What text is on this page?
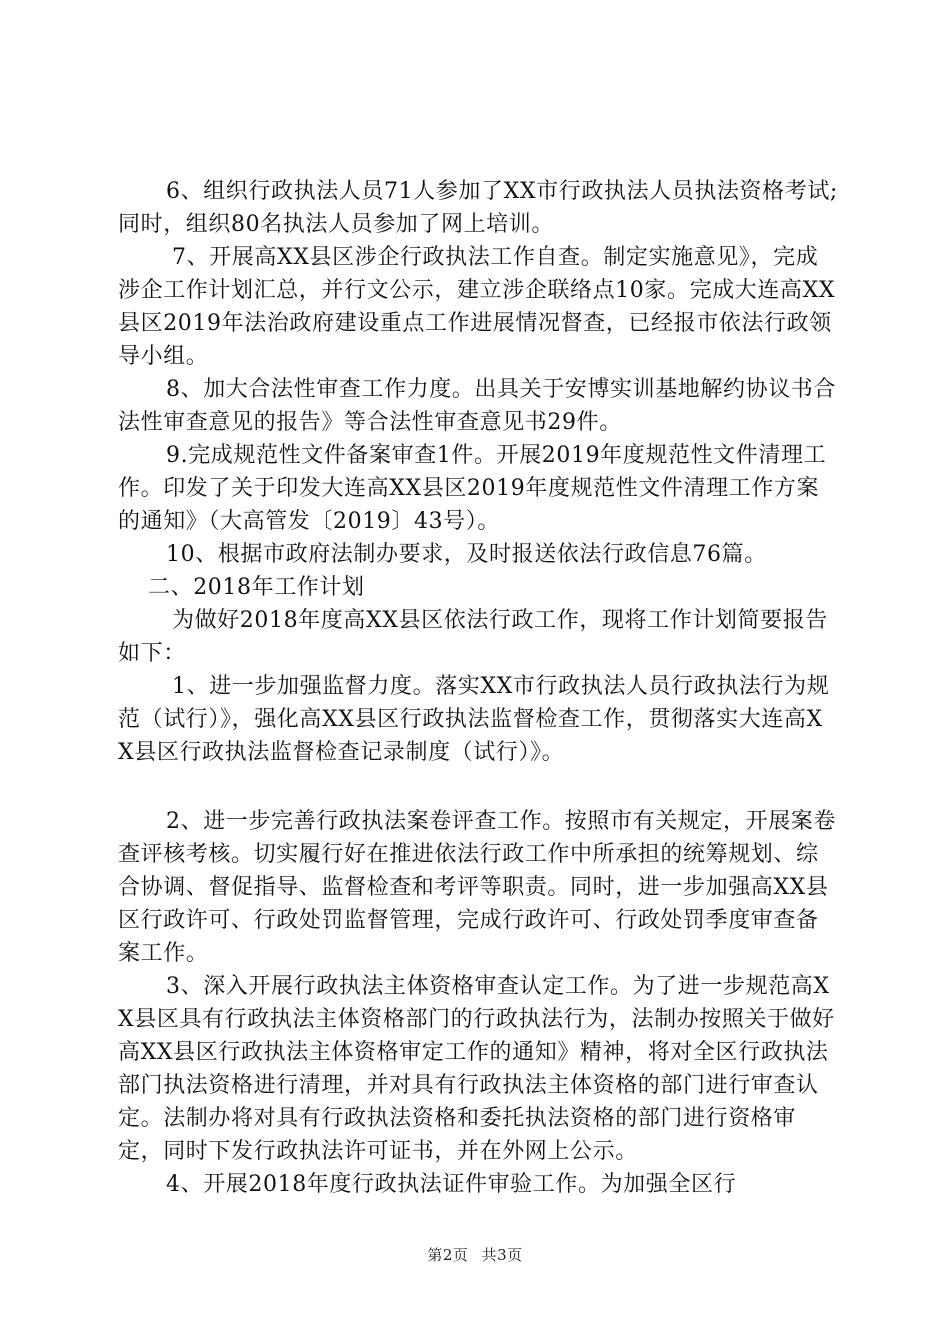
6、组织行政执法人员71人参加了XX市行政执法人员执法资格考试;同时，组织80名执法人员参加了网上培训。

7、开展高XX县区涉企行政执法工作自查。制定实施意见》，完成涉企工作计划汇总，并行文公示，建立涉企联络点10家。完成大连高XX县区2019年法治政府建设重点工作进展情况督查，已经报市依法行政领导小组。

8、加大合法性审查工作力度。出具关于安博实训基地解约协议书合法性审查意见的报告》等合法性审查意见书29件。

9.完成规范性文件备案审查1件。开展2019年度规范性文件清理工作。印发了关于印发大连高XX县区2019年度规范性文件清理工作方案的通知》（大高管发〔2019〕43号）。

10、根据市政府法制办要求，及时报送依法行政信息76篇。

二、2018年工作计划

为做好2018年度高XX县区依法行政工作，现将工作计划简要报告如下：

1、进一步加强监督力度。落实XX市行政执法人员行政执法行为规范（试行）》，强化高XX县区行政执法监督检查工作，贯彻落实大连高XX县区行政执法监督检查记录制度（试行）》。

2、进一步完善行政执法案卷评查工作。按照市有关规定，开展案卷查评核考核。切实履行好在推进依法行政工作中所承担的统筹规划、综合协调、督促指导、监督检查和考评等职责。同时，进一步加强高XX县区行政许可、行政处罚监督管理，完成行政许可、行政处罚季度审查备案工作。

3、深入开展行政执法主体资格审查认定工作。为了进一步规范高XX县区具有行政执法主体资格部门的行政执法行为，法制办按照关于做好高XX县区行政执法主体资格审定工作的通知》精神，将对全区行政执法部门执法资格进行清理，并对具有行政执法主体资格的部门进行审查认定。法制办将对具有行政执法资格和委托执法资格的部门进行资格审定，同时下发行政执法许可证书，并在外网上公示。

4、开展2018年度行政执法证件审验工作。为加强全区行

第2页 共3页
